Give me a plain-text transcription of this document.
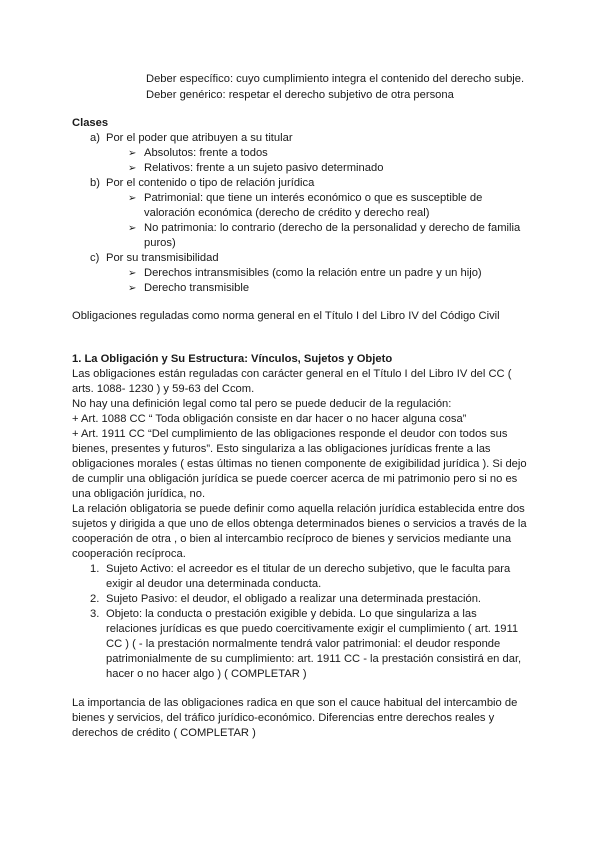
Deber específico: cuyo cumplimiento integra el contenido del derecho subje.
Deber genérico: respetar el derecho subjetivo de otra persona
Clases
a) Por el poder que atribuyen a su titular
➢ Absolutos: frente a todos
➢ Relativos: frente a un sujeto pasivo determinado
b) Por el contenido o tipo de relación jurídica
➢ Patrimonial: que tiene un interés económico o que es susceptible de
valoración económica (derecho de crédito y derecho real)
➢ No patrimonia: lo contrario (derecho de la personalidad y derecho de familia
puros)
c) Por su transmisibilidad
➢ Derechos intransmisibles (como la relación entre un padre y un hijo)
➢ Derecho transmisible
Obligaciones reguladas como norma general en el Título I del Libro IV del Código Civil
1. La Obligación y Su Estructura: Vínculos, Sujetos y Objeto
Las obligaciones están reguladas con carácter general en el Título I del Libro IV del CC (
arts. 1088- 1230 ) y 59-63 del Ccom.
No hay una definición legal como tal pero se puede deducir de la regulación:
+ Art. 1088 CC “ Toda obligación consiste en dar hacer o no hacer alguna cosa”
+ Art. 1911 CC “Del cumplimiento de las obligaciones responde el deudor con todos sus
bienes, presentes y futuros”. Esto singulariza a las obligaciones jurídicas frente a las
obligaciones morales ( estas últimas no tienen componente de exigibilidad jurídica ). Si dejo
de cumplir una obligación jurídica se puede coercer acerca de mi patrimonio pero si no es
una obligación jurídica, no.
La relación obligatoria se puede definir como aquella relación jurídica establecida entre dos
sujetos y dirigida a que uno de ellos obtenga determinados bienes o servicios a través de la
cooperación de otra , o bien al intercambio recíproco de bienes y servicios mediante una
cooperación recíproca.
1. Sujeto Activo: el acreedor es el titular de un derecho subjetivo, que le faculta para
exigir al deudor una determinada conducta.
2. Sujeto Pasivo: el deudor, el obligado a realizar una determinada prestación.
3. Objeto: la conducta o prestación exigible y debida. Lo que singulariza a las
relaciones jurídicas es que puedo coercitivamente exigir el cumplimiento ( art. 1911
CC ) ( - la prestación normalmente tendrá valor patrimonial: el deudor responde
patrimonialmente de su cumplimiento: art. 1911 CC - la prestación consistirá en dar,
hacer o no hacer algo ) ( COMPLETAR )
La importancia de las obligaciones radica en que son el cauce habitual del intercambio de
bienes y servicios, del tráfico jurídico-económico. Diferencias entre derechos reales y
derechos de crédito ( COMPLETAR )
